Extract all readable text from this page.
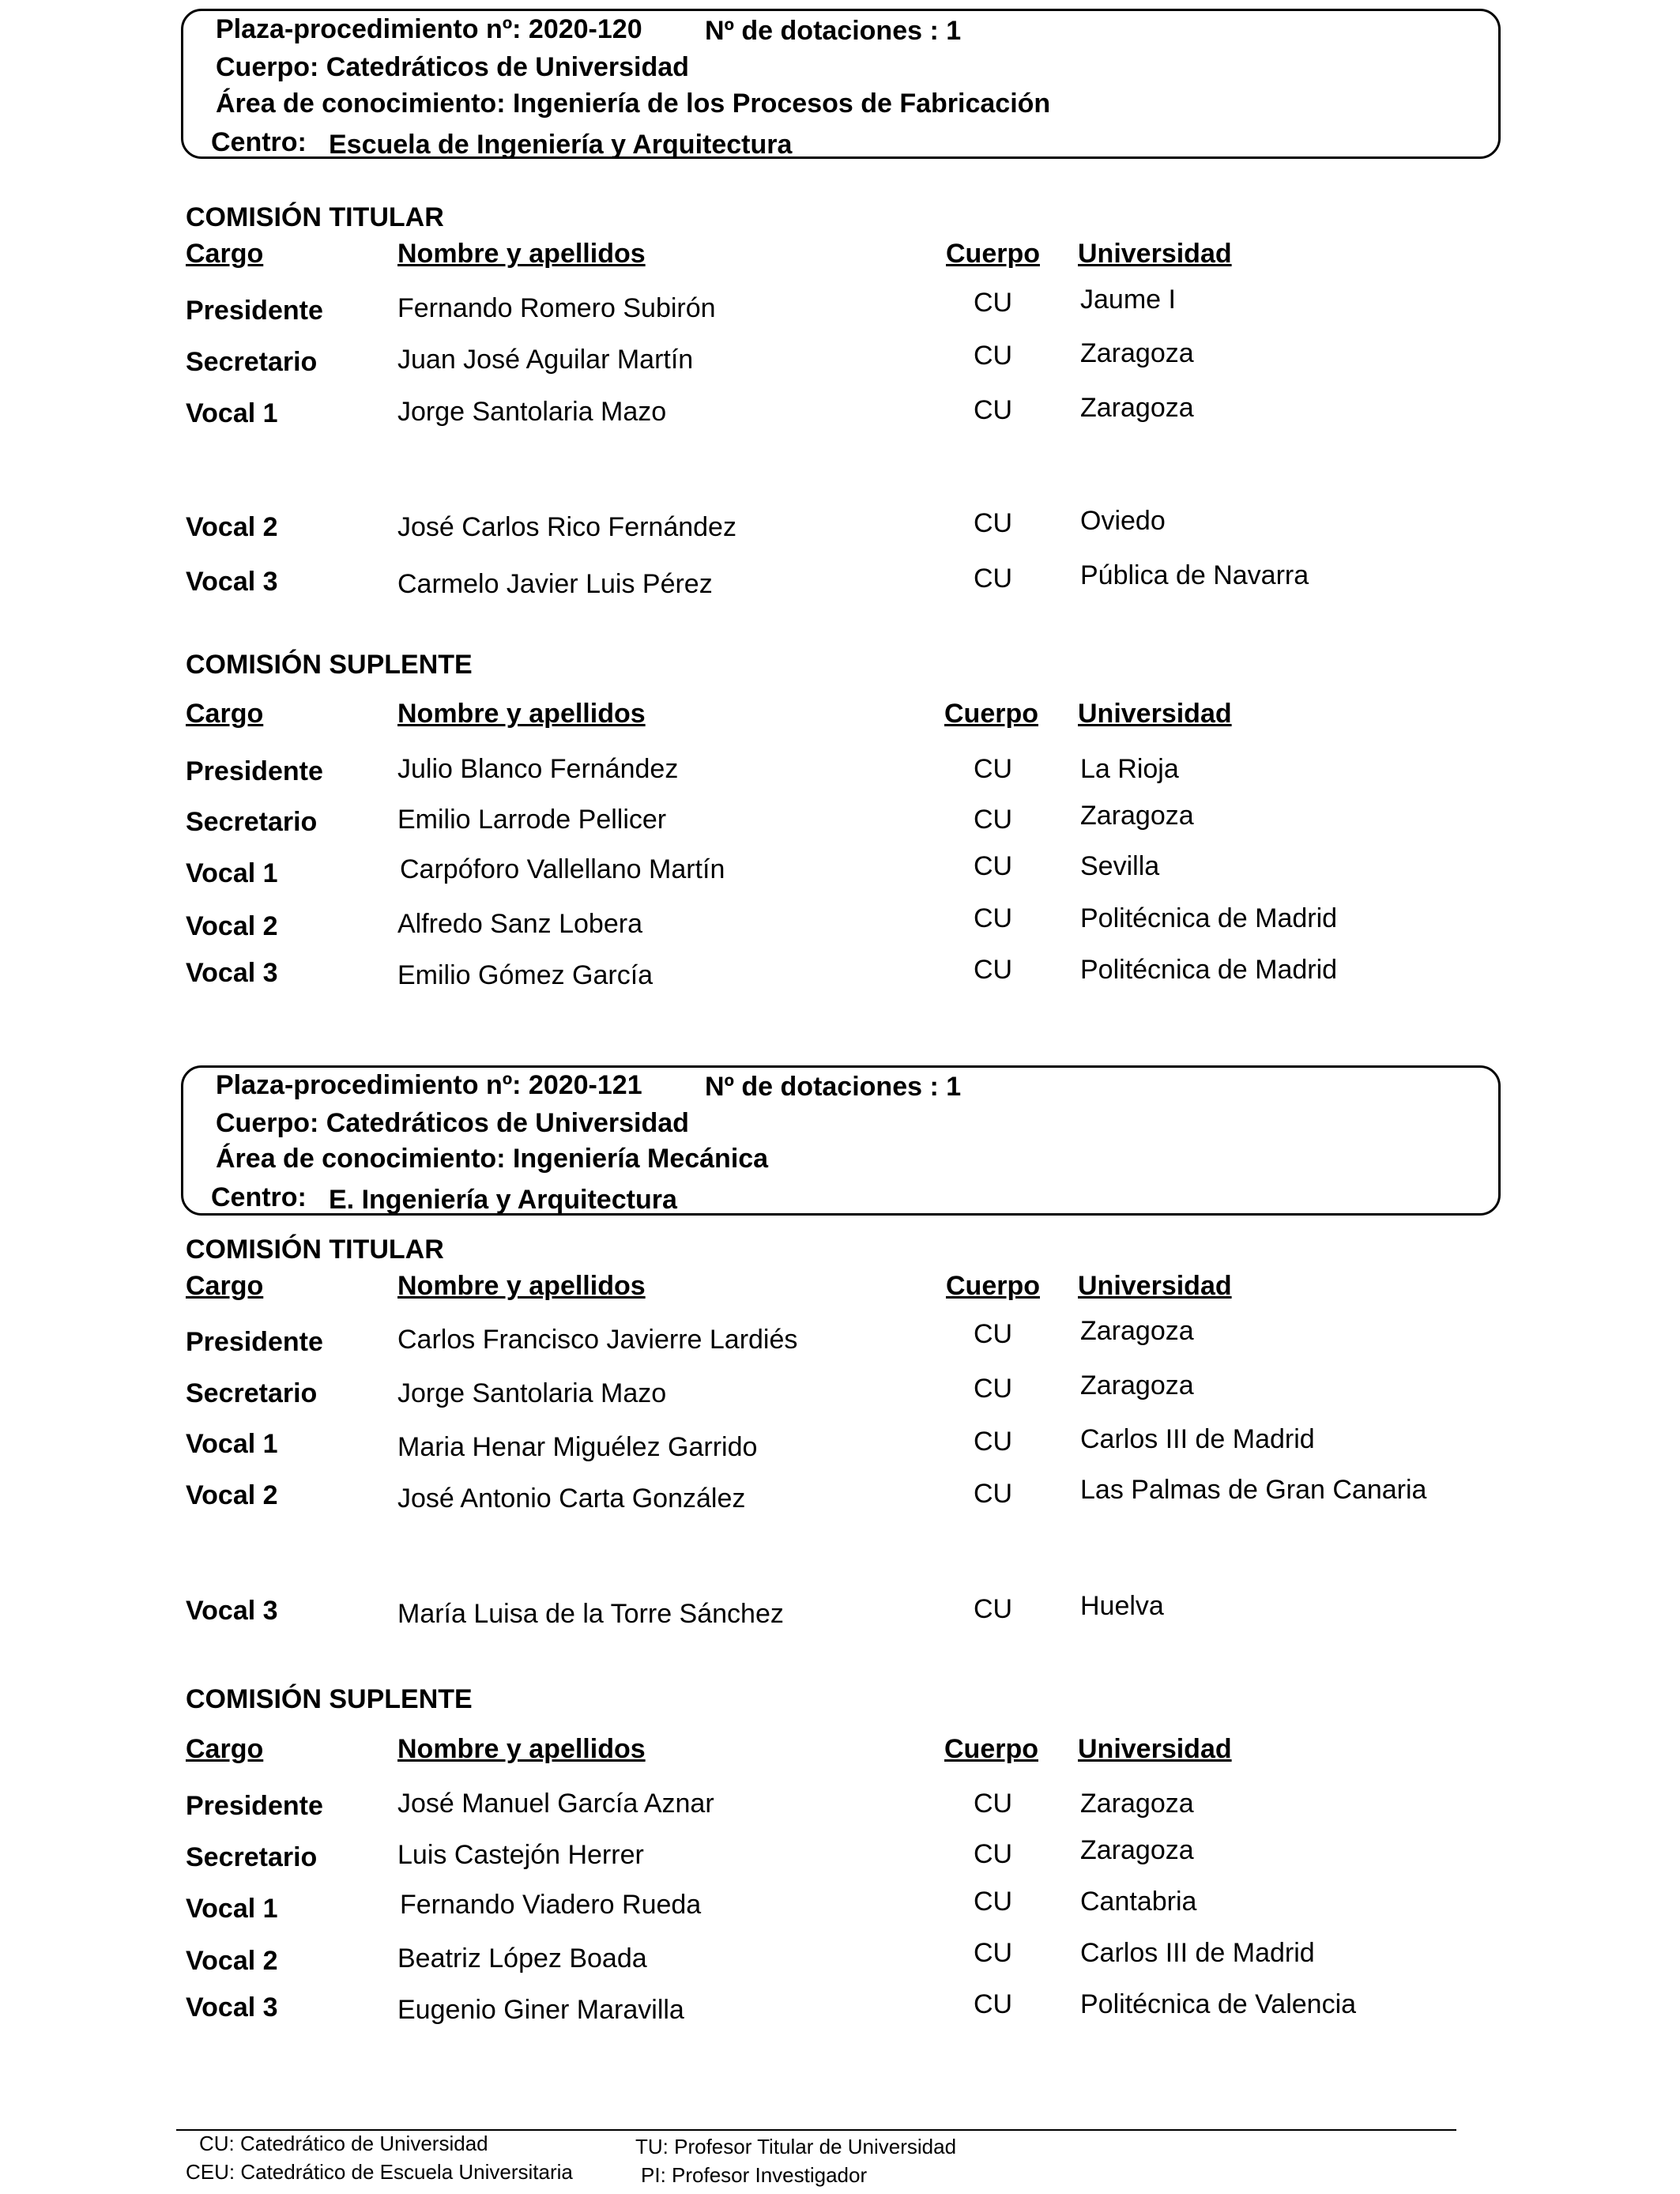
Plaza-procedimiento nº: 2020-120 Nº de dotaciones : 1
Cuerpo: Catedráticos de Universidad
Área de conocimiento: Ingeniería de los Procesos de Fabricación
Centro: Escuela de Ingeniería y Arquitectura
COMISIÓN TITULAR
Cargo	Nombre y apellidos	Cuerpo Universidad
Presidente	Fernando Romero Subirón	CU	Jaume I
Secretario	Juan José Aguilar Martín	CU	Zaragoza
Vocal 1	Jorge Santolaria Mazo	CU	Zaragoza
Vocal 2	José Carlos Rico Fernández	CU	Oviedo
Vocal 3	Carmelo Javier Luis Pérez	CU	Pública de Navarra
COMISIÓN SUPLENTE
Cargo	Nombre y apellidos	Cuerpo Universidad
Presidente	Julio Blanco Fernández	CU	La Rioja
Secretario	Emilio Larrode Pellicer	CU	Zaragoza
Vocal 1	Carpóforo Vallellano Martín	CU	Sevilla
Vocal 2	Alfredo Sanz Lobera	CU	Politécnica de Madrid
Vocal 3	Emilio Gómez García	CU	Politécnica de Madrid
Plaza-procedimiento nº: 2020-121 Nº de dotaciones : 1
Cuerpo: Catedráticos de Universidad
Área de conocimiento: Ingeniería Mecánica
Centro: E. Ingeniería y Arquitectura
COMISIÓN TITULAR
Cargo	Nombre y apellidos	Cuerpo Universidad
Presidente	Carlos Francisco Javierre Lardiés	CU	Zaragoza
Secretario	Jorge Santolaria Mazo	CU	Zaragoza
Vocal 1	Maria Henar Miguélez Garrido	CU	Carlos III de Madrid
Vocal 2	José Antonio Carta González	CU	Las Palmas de Gran Canaria
Vocal 3	María Luisa de la Torre Sánchez	CU	Huelva
COMISIÓN SUPLENTE
Cargo	Nombre y apellidos	Cuerpo Universidad
Presidente	José Manuel García Aznar	CU	Zaragoza
Secretario	Luis Castejón Herrer	CU	Zaragoza
Vocal 1	Fernando Viadero Rueda	CU	Cantabria
Vocal 2	Beatriz López Boada	CU	Carlos III de Madrid
Vocal 3	Eugenio Giner Maravilla	CU	Politécnica de Valencia
CU: Catedrático de Universidad
CEU: Catedrático de Escuela Universitaria
TU: Profesor Titular de Universidad
PI: Profesor Investigador
